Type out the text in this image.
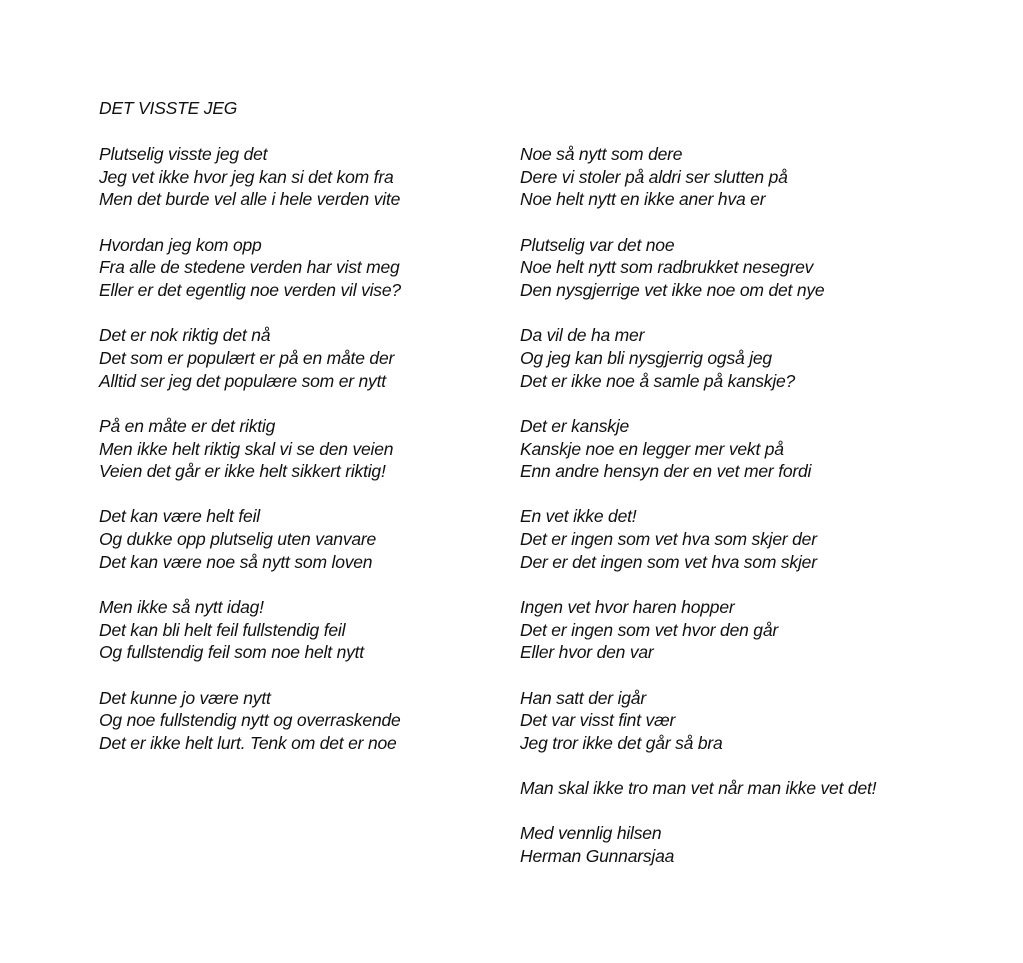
DET VISSTE JEG
Plutselig visste jeg det
Jeg vet ikke hvor jeg kan si det kom fra
Men det burde vel alle i hele verden vite
Hvordan jeg kom opp
Fra alle de stedene verden har vist meg
Eller er det egentlig noe verden vil vise?
Det er nok riktig det nå
Det som er populært er på en måte der
Alltid ser jeg det populære som er nytt
På en måte er det riktig
Men ikke helt riktig skal vi se den veien
Veien det går er ikke helt sikkert riktig!
Det kan være helt feil
Og dukke opp plutselig uten vanvare
Det kan være noe så nytt som loven
Men ikke så nytt idag!
Det kan bli helt feil fullstendig feil
Og fullstendig feil som noe helt nytt
Det kunne jo være nytt
Og noe fullstendig nytt og overraskende
Det er ikke helt lurt. Tenk om det er noe
Noe så nytt som dere
Dere vi stoler på aldri ser slutten på
Noe helt nytt en ikke aner hva er
Plutselig var det noe
Noe helt nytt som radbrukket nesegrev
Den nysgjerrige vet ikke noe om det nye
Da vil de ha mer
Og jeg kan bli nysgjerrig også jeg
Det er ikke noe å samle på kanskje?
Det er kanskje
Kanskje noe en legger mer vekt på
Enn andre hensyn der en vet mer fordi
En vet ikke det!
Det er ingen som vet hva som skjer der
Der er det ingen som vet hva som skjer
Ingen vet hvor haren hopper
Det er ingen som vet hvor den går
Eller hvor den var
Han satt der igår
Det var visst fint vær
Jeg tror ikke det går så bra
Man skal ikke tro man vet når man ikke vet det!
Med vennlig hilsen
Herman Gunnarsjaa
